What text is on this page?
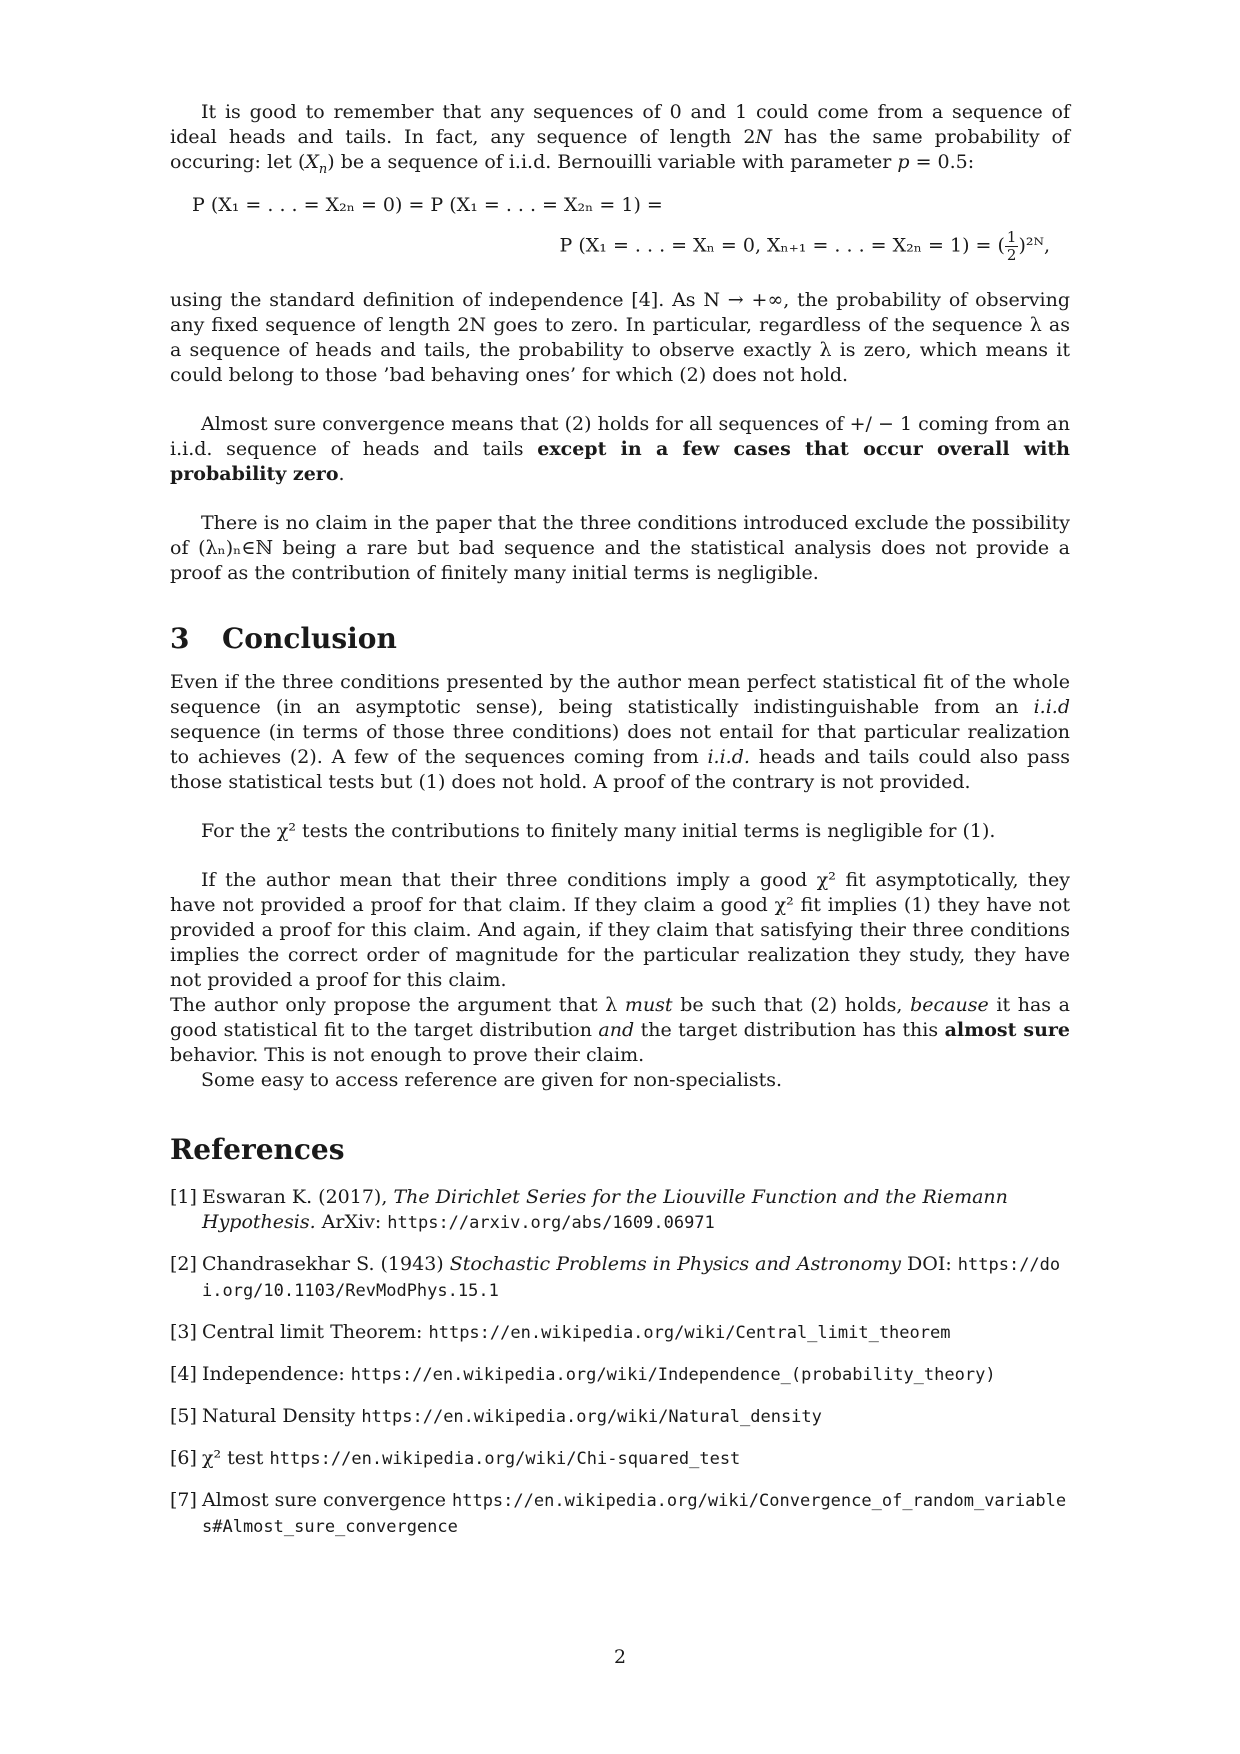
It is good to remember that any sequences of 0 and 1 could come from a sequence of ideal heads and tails. In fact, any sequence of length 2N has the same probability of occuring: let $(X_n)$ be a sequence of i.i.d. Bernouilli variable with parameter p = 0.5:

P (X₁ = . . . = X₂ₙ = 0) = P (X₁ = . . . = X₂ₙ = 1) =
P (X₁ = . . . = Xₙ = 0, Xₙ₊₁ = . . . = X₂ₙ = 1) = ( $\frac{1}{2}$ )²ᴺ,

using the standard definition of independence [4]. As N → +∞, the probability of observing any fixed sequence of length 2N goes to zero. In particular, regardless of the sequence λ as a sequence of heads and tails, the probability to observe exactly λ is zero, which means it could belong to those ’bad behaving ones’ for which (2) does not hold.

Almost sure convergence means that (2) holds for all sequences of +/ − 1 coming from an i.i.d. sequence of heads and tails except in a few cases that occur overall with probability zero.

There is no claim in the paper that the three conditions introduced exclude the possibility of (λₙ)ₙ∈ℕ being a rare but bad sequence and the statistical analysis does not provide a proof as the contribution of finitely many initial terms is negligible.

3 Conclusion

Even if the three conditions presented by the author mean perfect statistical fit of the whole sequence (in an asymptotic sense), being statistically indistinguishable from an i.i.d sequence (in terms of those three conditions) does not entail for that particular realization to achieves (2). A few of the sequences coming from i.i.d. heads and tails could also pass those statistical tests but (1) does not hold. A proof of the contrary is not provided.

For the χ² tests the contributions to finitely many initial terms is negligible for (1).

If the author mean that their three conditions imply a good χ² fit asymptotically, they have not provided a proof for that claim. If they claim a good χ² fit implies (1) they have not provided a proof for this claim. And again, if they claim that satisfying their three conditions implies the correct order of magnitude for the particular realization they study, they have not provided a proof for this claim.

The author only propose the argument that λ must be such that (2) holds, because it has a good statistical fit to the target distribution and the target distribution has this almost sure behavior. This is not enough to prove their claim.

Some easy to access reference are given for non-specialists.

References
[1] Eswaran K. (2017), The Dirichlet Series for the Liouville Function and the Riemann Hypothesis. ArXiv: https://arxiv.org/abs/1609.06971
[2] Chandrasekhar S. (1943) Stochastic Problems in Physics and Astronomy DOI: https://doi.org/10.1103/RevModPhys.15.1
[3] Central limit Theorem: https://en.wikipedia.org/wiki/Central_limit_theorem
[4] Independence: https://en.wikipedia.org/wiki/Independence_(probability_theory)
[5] Natural Density https://en.wikipedia.org/wiki/Natural_density
[6] χ² test https://en.wikipedia.org/wiki/Chi-squared_test
[7] Almost sure convergence https://en.wikipedia.org/wiki/Convergence_of_random_variables#Almost_sure_convergence
2
